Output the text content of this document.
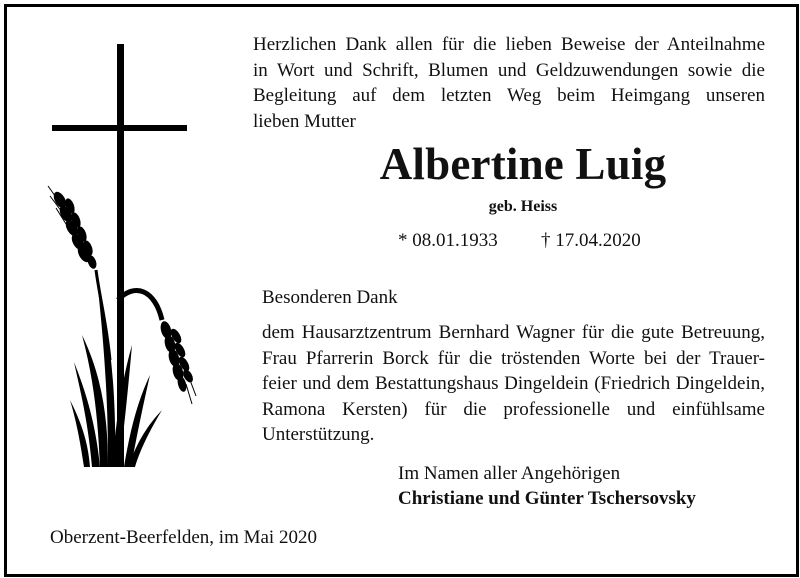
Herzlichen Dank allen für die lieben Beweise der Anteilnahme
in Wort und Schrift, Blumen und Geldzuwendungen sowie die
Begleitung auf dem letzten Weg beim Heimgang unseren
lieben Mutter
Albertine Luig
geb. Heiss
* 08.01.1933 † 17.04.2020
Besonderen Dank
dem Hausarztzentrum Bernhard Wagner für die gute Betreuung,
Frau Pfarrerin Borck für die tröstenden Worte bei der Trauer-
feier und dem Bestattungshaus Dingeldein (Friedrich Dingeldein,
Ramona Kersten) für die professionelle und einfühlsame
Unterstützung.
Im Namen aller Angehörigen
Christiane und Günter Tschersovsky
Oberzent-Beerfelden, im Mai 2020
